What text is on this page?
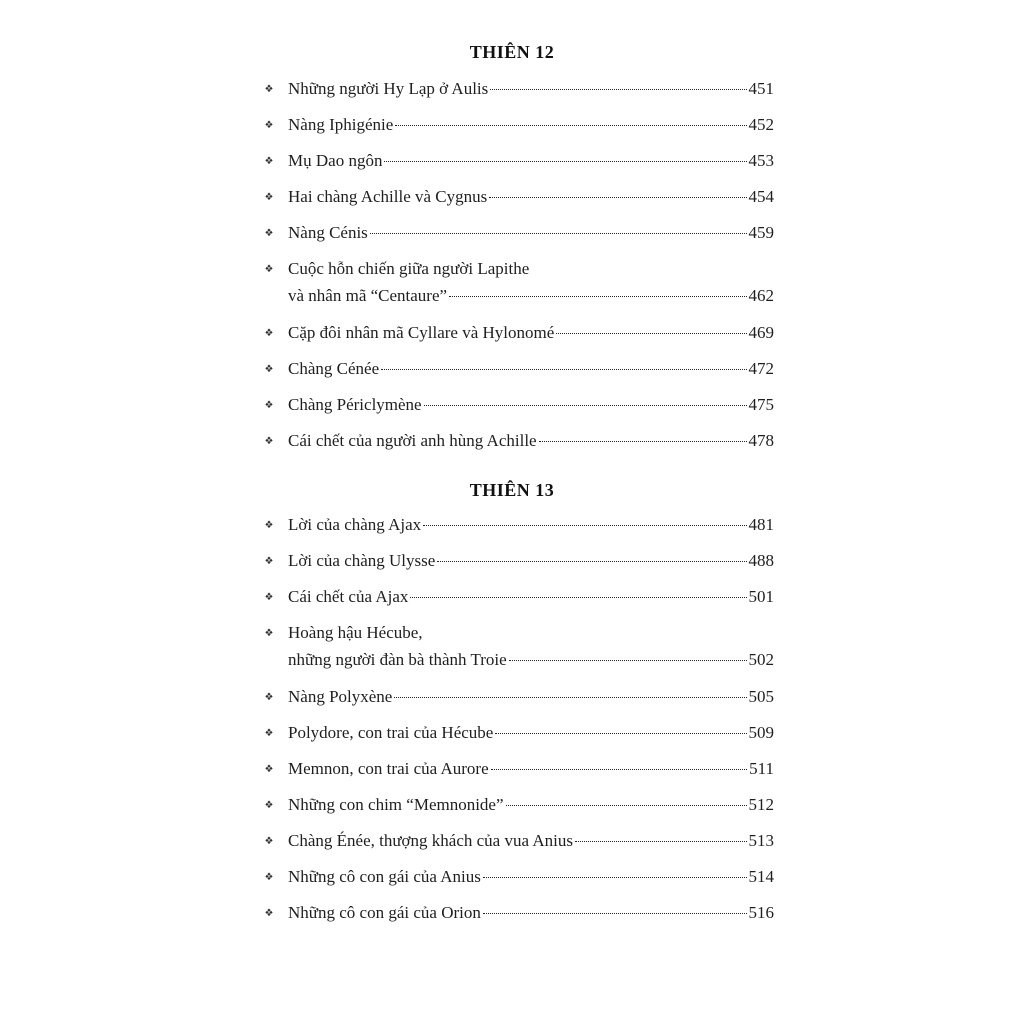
THIÊN 12
❖ Những người Hy Lạp ở Aulis	451
❖ Nàng Iphigénie	452
❖ Mụ Dao ngôn	453
❖ Hai chàng Achille và Cygnus	454
❖ Nàng Cénis	459
❖ Cuộc hỗn chiến giữa người Lapithe
và nhân mã “Centaure”	462
❖ Cặp đôi nhân mã Cyllare và Hylonomé	469
❖ Chàng Cénée	472
❖ Chàng Périclymène	475
❖ Cái chết của người anh hùng Achille	478
THIÊN 13
❖ Lời của chàng Ajax	481
❖ Lời của chàng Ulysse	488
❖ Cái chết của Ajax	501
❖ Hoàng hậu Hécube,
những người đàn bà thành Troie	502
❖ Nàng Polyxène	505
❖ Polydore, con trai của Hécube	509
❖ Memnon, con trai của Aurore	511
❖ Những con chim “Memnonide”	512
❖ Chàng Énée, thượng khách của vua Anius	513
❖ Những cô con gái của Anius	514
❖ Những cô con gái của Orion	516
